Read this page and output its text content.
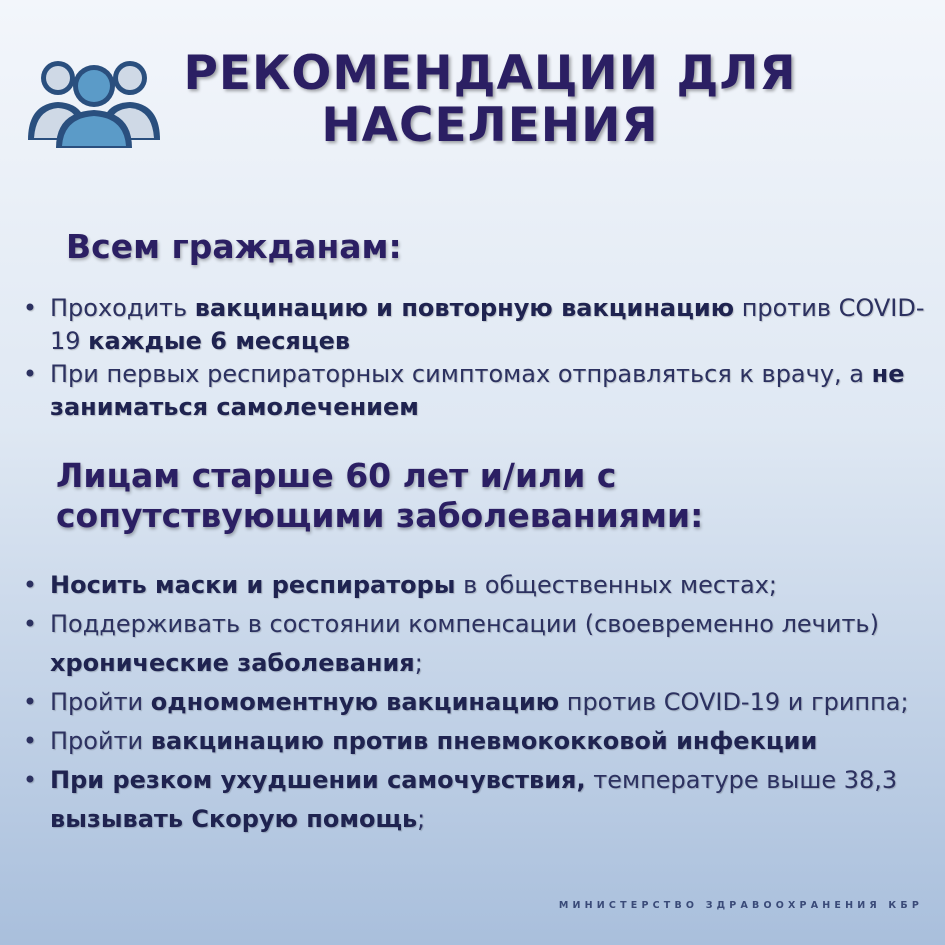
РЕКОМЕНДАЦИИ ДЛЯ
НАСЕЛЕНИЯ
Всем гражданам:
• Проходить вакцинацию и повторную вакцинацию против COVID-19 каждые 6 месяцев
• При первых респираторных симптомах отправляться к врачу, а не заниматься самолечением
Лицам старше 60 лет и/или с сопутствующими заболеваниями:
• Носить маски и респираторы в общественных местах;
• Поддерживать в состоянии компенсации (своевременно лечить) хронические заболевания;
• Пройти одномоментную вакцинацию против COVID-19 и гриппа;
• Пройти вакцинацию против пневмококковой инфекции
• При резком ухудшении самочувствия, температуре выше 38,3 вызывать Скорую помощь;

МИНИСТЕРСТВО ЗДРАВООХРАНЕНИЯ КБР
